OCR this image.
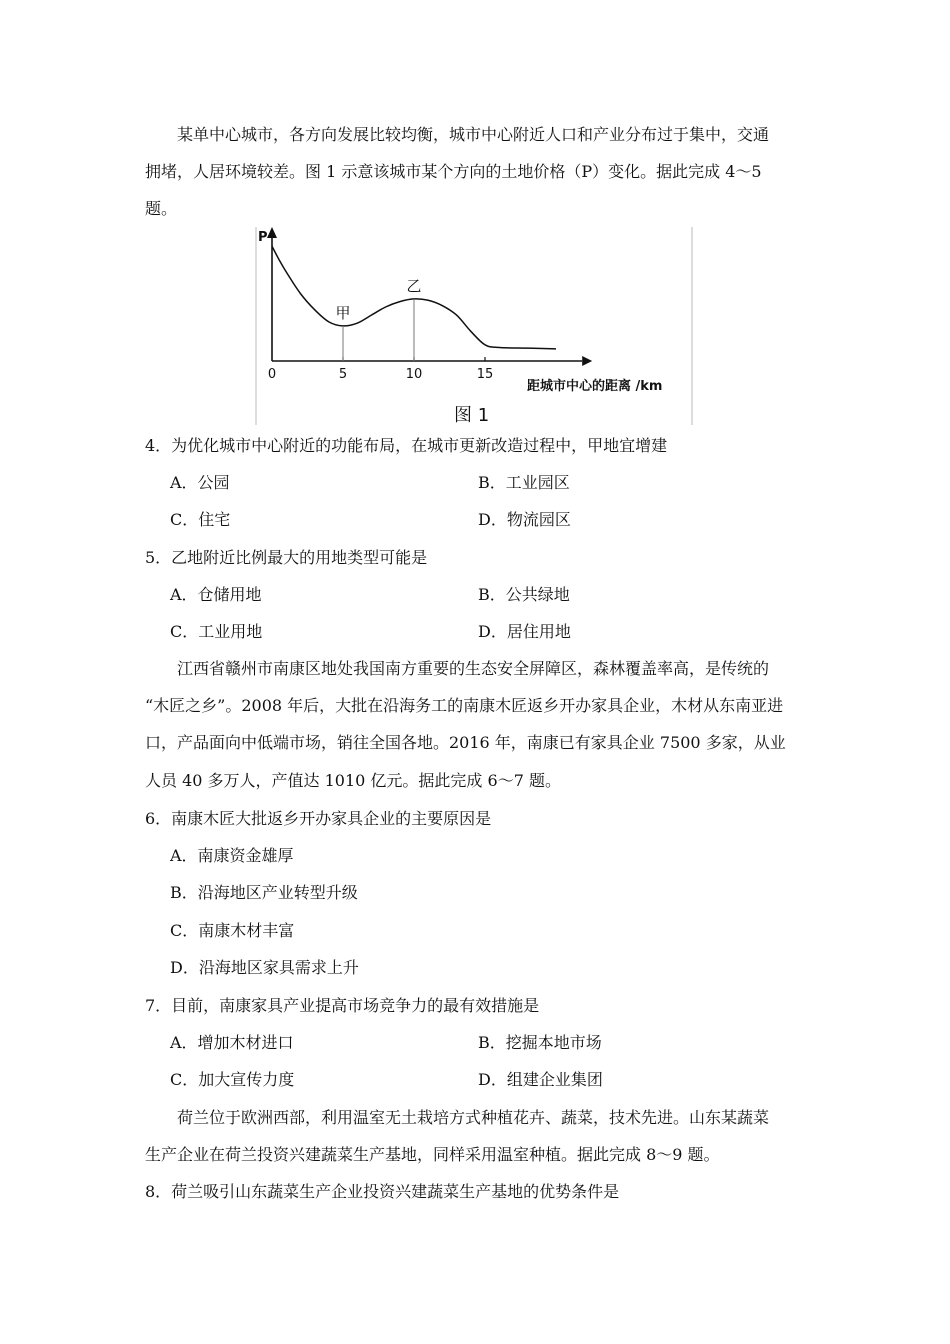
某单中心城市，各方向发展比较均衡，城市中心附近人口和产业分布过于集中，交通
拥堵，人居环境较差。图 1 示意该城市某个方向的土地价格（P）变化。据此完成 4～5
题。
0	5	10	15
甲
乙
P
距城市中心的距离 /km
图 1
4．为优化城市中心附近的功能布局，在城市更新改造过程中，甲地宜增建
A．公园	B．工业园区
C．住宅	D．物流园区
5．乙地附近比例最大的用地类型可能是
A．仓储用地	B．公共绿地
C．工业用地	D．居住用地
江西省赣州市南康区地处我国南方重要的生态安全屏障区，森林覆盖率高，是传统的
“木匠之乡”。2008 年后，大批在沿海务工的南康木匠返乡开办家具企业，木材从东南亚进
口，产品面向中低端市场，销往全国各地。2016 年，南康已有家具企业 7500 多家，从业
人员 40 多万人，产值达 1010 亿元。据此完成 6～7 题。
6．南康木匠大批返乡开办家具企业的主要原因是
A．南康资金雄厚
B．沿海地区产业转型升级
C．南康木材丰富
D．沿海地区家具需求上升
7．目前，南康家具产业提高市场竞争力的最有效措施是
A．增加木材进口	B．挖掘本地市场
C．加大宣传力度	D．组建企业集团
荷兰位于欧洲西部，利用温室无土栽培方式种植花卉、蔬菜，技术先进。山东某蔬菜
生产企业在荷兰投资兴建蔬菜生产基地，同样采用温室种植。据此完成 8～9 题。
8．荷兰吸引山东蔬菜生产企业投资兴建蔬菜生产基地的优势条件是
